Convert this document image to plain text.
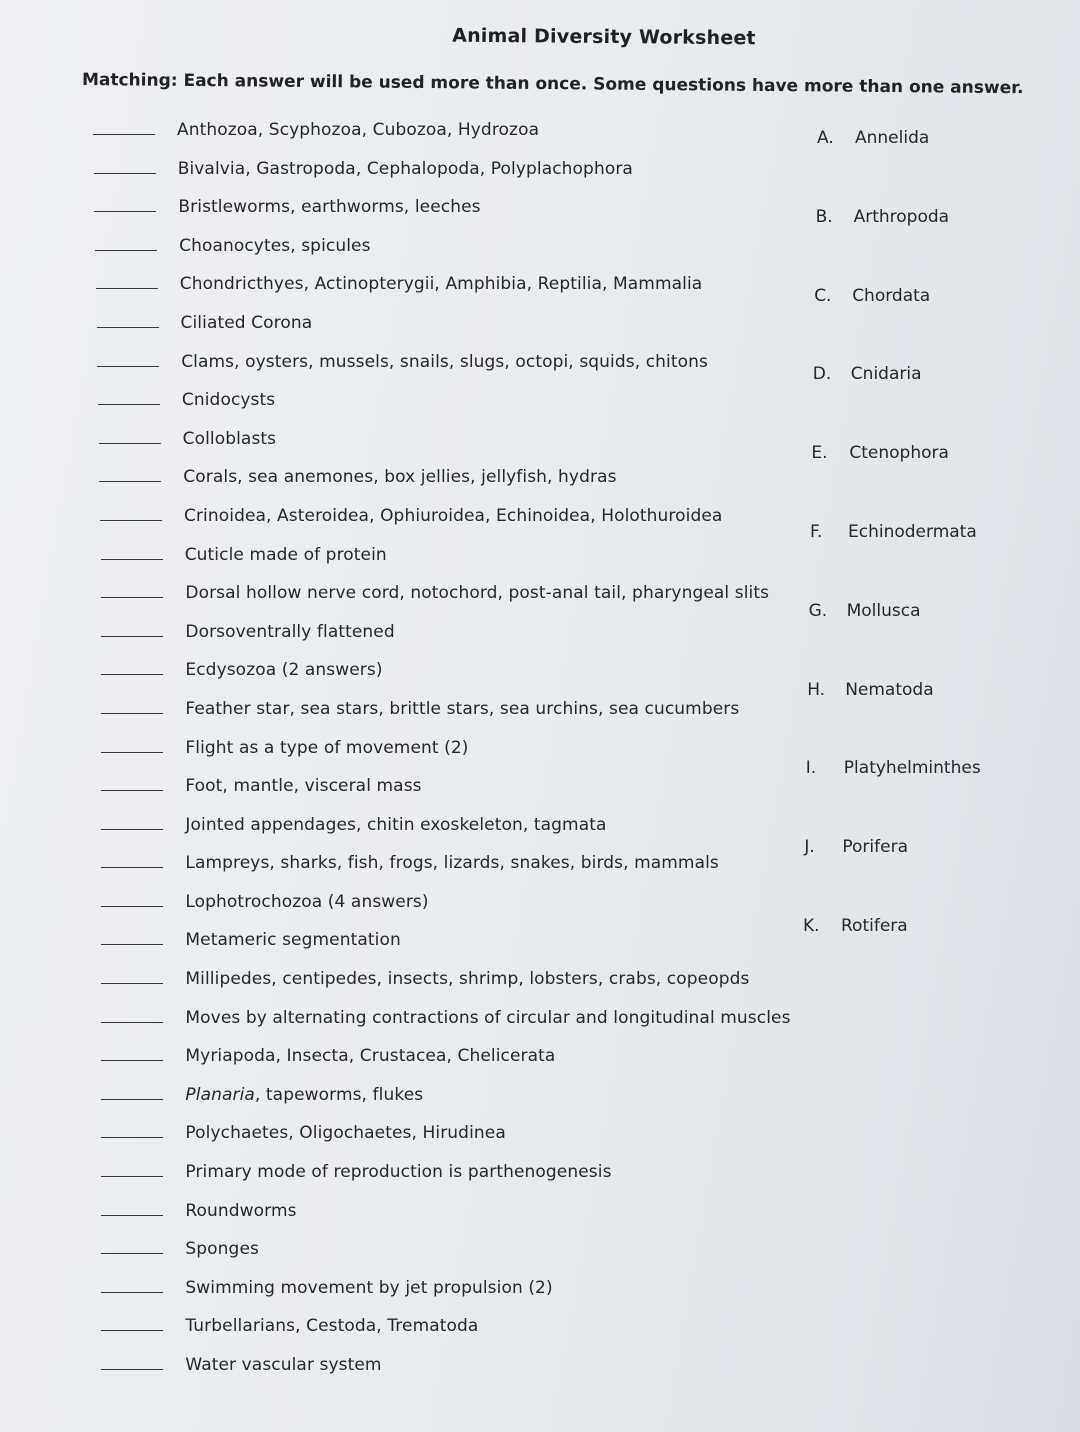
Animal Diversity Worksheet
Matching: Each answer will be used more than once. Some questions have more than one answer.
Anthozoa, Scyphozoa, Cubozoa, Hydrozoa
Bivalvia, Gastropoda, Cephalopoda, Polyplachophora
Bristleworms, earthworms, leeches
Choanocytes, spicules
Chondricthyes, Actinopterygii, Amphibia, Reptilia, Mammalia
Ciliated Corona
Clams, oysters, mussels, snails, slugs, octopi, squids, chitons
Cnidocysts
Colloblasts
Corals, sea anemones, box jellies, jellyfish, hydras
Crinoidea, Asteroidea, Ophiuroidea, Echinoidea, Holothuroidea
Cuticle made of protein
Dorsal hollow nerve cord, notochord, post-anal tail, pharyngeal slits
Dorsoventrally flattened
Ecdysozoa (2 answers)
Feather star, sea stars, brittle stars, sea urchins, sea cucumbers
Flight as a type of movement (2)
Foot, mantle, visceral mass
Jointed appendages, chitin exoskeleton, tagmata
Lampreys, sharks, fish, frogs, lizards, snakes, birds, mammals
Lophotrochozoa (4 answers)
Metameric segmentation
Millipedes, centipedes, insects, shrimp, lobsters, crabs, copeopds
Moves by alternating contractions of circular and longitudinal muscles
Myriapoda, Insecta, Crustacea, Chelicerata
Planaria, tapeworms, flukes
Polychaetes, Oligochaetes, Hirudinea
Primary mode of reproduction is parthenogenesis
Roundworms
Sponges
Swimming movement by jet propulsion (2)
Turbellarians, Cestoda, Trematoda
Water vascular system
A. Annelida
B. Arthropoda
C. Chordata
D. Cnidaria
E. Ctenophora
F. Echinodermata
G. Mollusca
H. Nematoda
I. Platyhelminthes
J. Porifera
K. Rotifera
